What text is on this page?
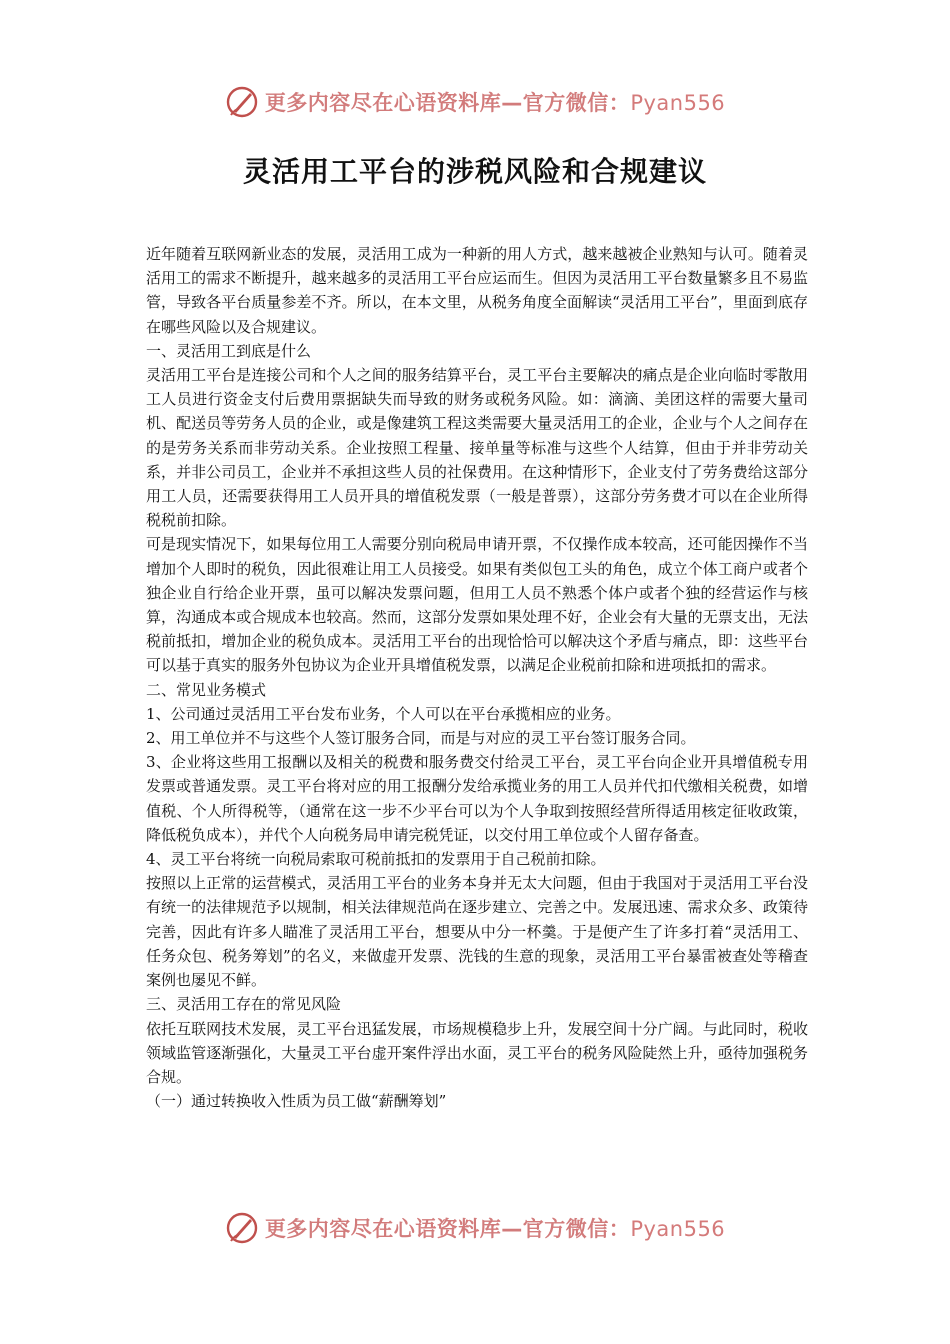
更多内容尽在心语资料库—官方微信：Pyan556
灵活用工平台的涉税风险和合规建议

近年随着互联网新业态的发展，灵活用工成为一种新的用人方式，越来越被企业熟知与认可。随着灵活用工的需求不断提升，越来越多的灵活用工平台应运而生。但因为灵活用工平台数量繁多且不易监管，导致各平台质量参差不齐。所以，在本文里，从税务角度全面解读“灵活用工平台”，里面到底存在哪些风险以及合规建议。

一、灵活用工到底是什么

灵活用工平台是连接公司和个人之间的服务结算平台，灵工平台主要解决的痛点是企业向临时零散用工人员进行资金支付后费用票据缺失而导致的财务或税务风险。如：滴滴、美团这样的需要大量司机、配送员等劳务人员的企业，或是像建筑工程这类需要大量灵活用工的企业，企业与个人之间存在的是劳务关系而非劳动关系。企业按照工程量、接单量等标准与这些个人结算，但由于并非劳动关系，并非公司员工，企业并不承担这些人员的社保费用。在这种情形下，企业支付了劳务费给这部分用工人员，还需要获得用工人员开具的增值税发票（一般是普票），这部分劳务费才可以在企业所得税税前扣除。

可是现实情况下，如果每位用工人需要分别向税局申请开票，不仅操作成本较高，还可能因操作不当增加个人即时的税负，因此很难让用工人员接受。如果有类似包工头的角色，成立个体工商户或者个独企业自行给企业开票，虽可以解决发票问题，但用工人员不熟悉个体户或者个独的经营运作与核算，沟通成本或合规成本也较高。然而，这部分发票如果处理不好，企业会有大量的无票支出，无法税前抵扣，增加企业的税负成本。灵活用工平台的出现恰恰可以解决这个矛盾与痛点，即：这些平台可以基于真实的服务外包协议为企业开具增值税发票，以满足企业税前扣除和进项抵扣的需求。

二、常见业务模式

1、公司通过灵活用工平台发布业务，个人可以在平台承揽相应的业务。

2、用工单位并不与这些个人签订服务合同，而是与对应的灵工平台签订服务合同。

3、企业将这些用工报酬以及相关的税费和服务费交付给灵工平台，灵工平台向企业开具增值税专用发票或普通发票。灵工平台将对应的用工报酬分发给承揽业务的用工人员并代扣代缴相关税费，如增值税、个人所得税等，（通常在这一步不少平台可以为个人争取到按照经营所得适用核定征收政策，降低税负成本），并代个人向税务局申请完税凭证，以交付用工单位或个人留存备查。

4、灵工平台将统一向税局索取可税前抵扣的发票用于自己税前扣除。

按照以上正常的运营模式，灵活用工平台的业务本身并无太大问题，但由于我国对于灵活用工平台没有统一的法律规范予以规制，相关法律规范尚在逐步建立、完善之中。发展迅速、需求众多、政策待完善，因此有许多人瞄准了灵活用工平台，想要从中分一杯羹。于是便产生了许多打着“灵活用工、任务众包、税务筹划”的名义，来做虚开发票、洗钱的生意的现象，灵活用工平台暴雷被查处等稽查案例也屡见不鲜。

三、灵活用工存在的常见风险

依托互联网技术发展，灵工平台迅猛发展，市场规模稳步上升，发展空间十分广阔。与此同时，税收领域监管逐渐强化，大量灵工平台虚开案件浮出水面，灵工平台的税务风险陡然上升，亟待加强税务合规。

（一）通过转换收入性质为员工做“薪酬筹划”

更多内容尽在心语资料库—官方微信：Pyan556
